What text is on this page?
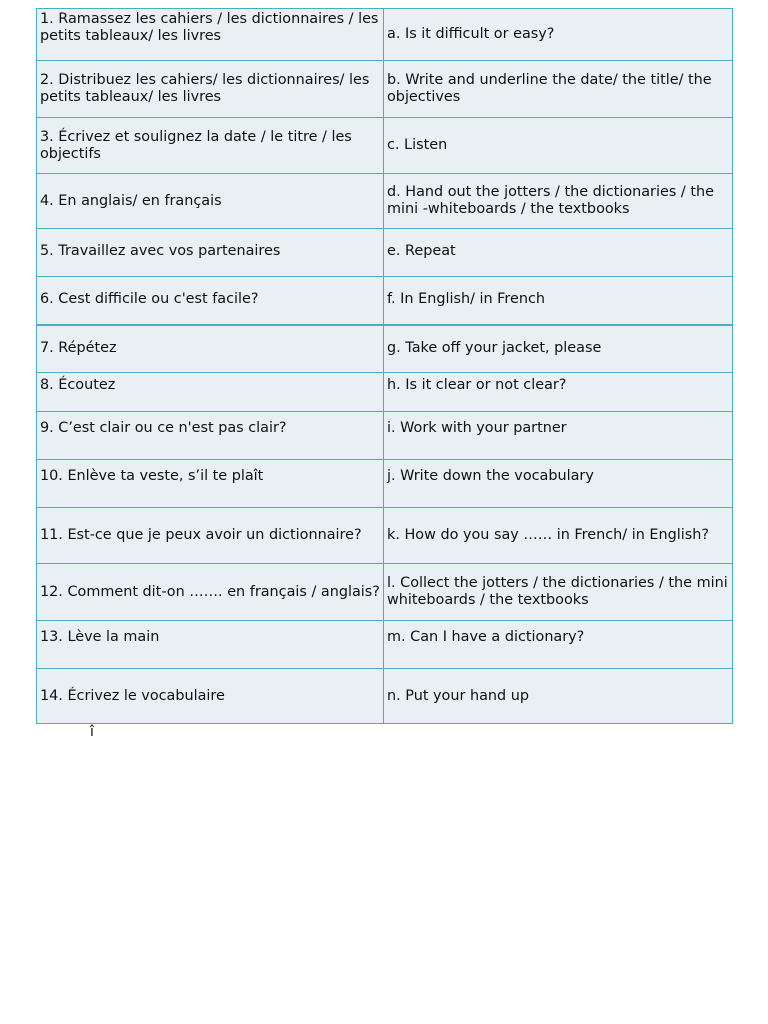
1. Ramassez les cahiers / les dictionnaires / les petits tableaux/ les livres	a. Is it difficult or easy?
2. Distribuez les cahiers/ les dictionnaires/ les petits tableaux/ les livres	b. Write and underline the date/ the title/ the objectives
3. Écrivez et soulignez la date / le titre / les objectifs	c. Listen
4. En anglais/ en français	d. Hand out the jotters / the dictionaries / the mini -whiteboards / the textbooks
5. Travaillez avec vos partenaires	e. Repeat
6. Cest difficile ou c'est facile?	f. In English/ in French
7. Répétez	g. Take off your jacket, please
8. Écoutez	h. Is it clear or not clear?
9. C’est clair ou ce n'est pas clair?	i. Work with your partner
10. Enlève ta veste, s’il te plaît	j. Write down the vocabulary
11. Est-ce que je peux avoir un dictionnaire?	k. How do you say …… in French/ in English?
12. Comment dit-on ……. en français / anglais?	l. Collect the jotters / the dictionaries / the mini whiteboards / the textbooks
13. Lève la main	m. Can I have a dictionary?
14. Écrivez le vocabulaire	n. Put your hand up
î
